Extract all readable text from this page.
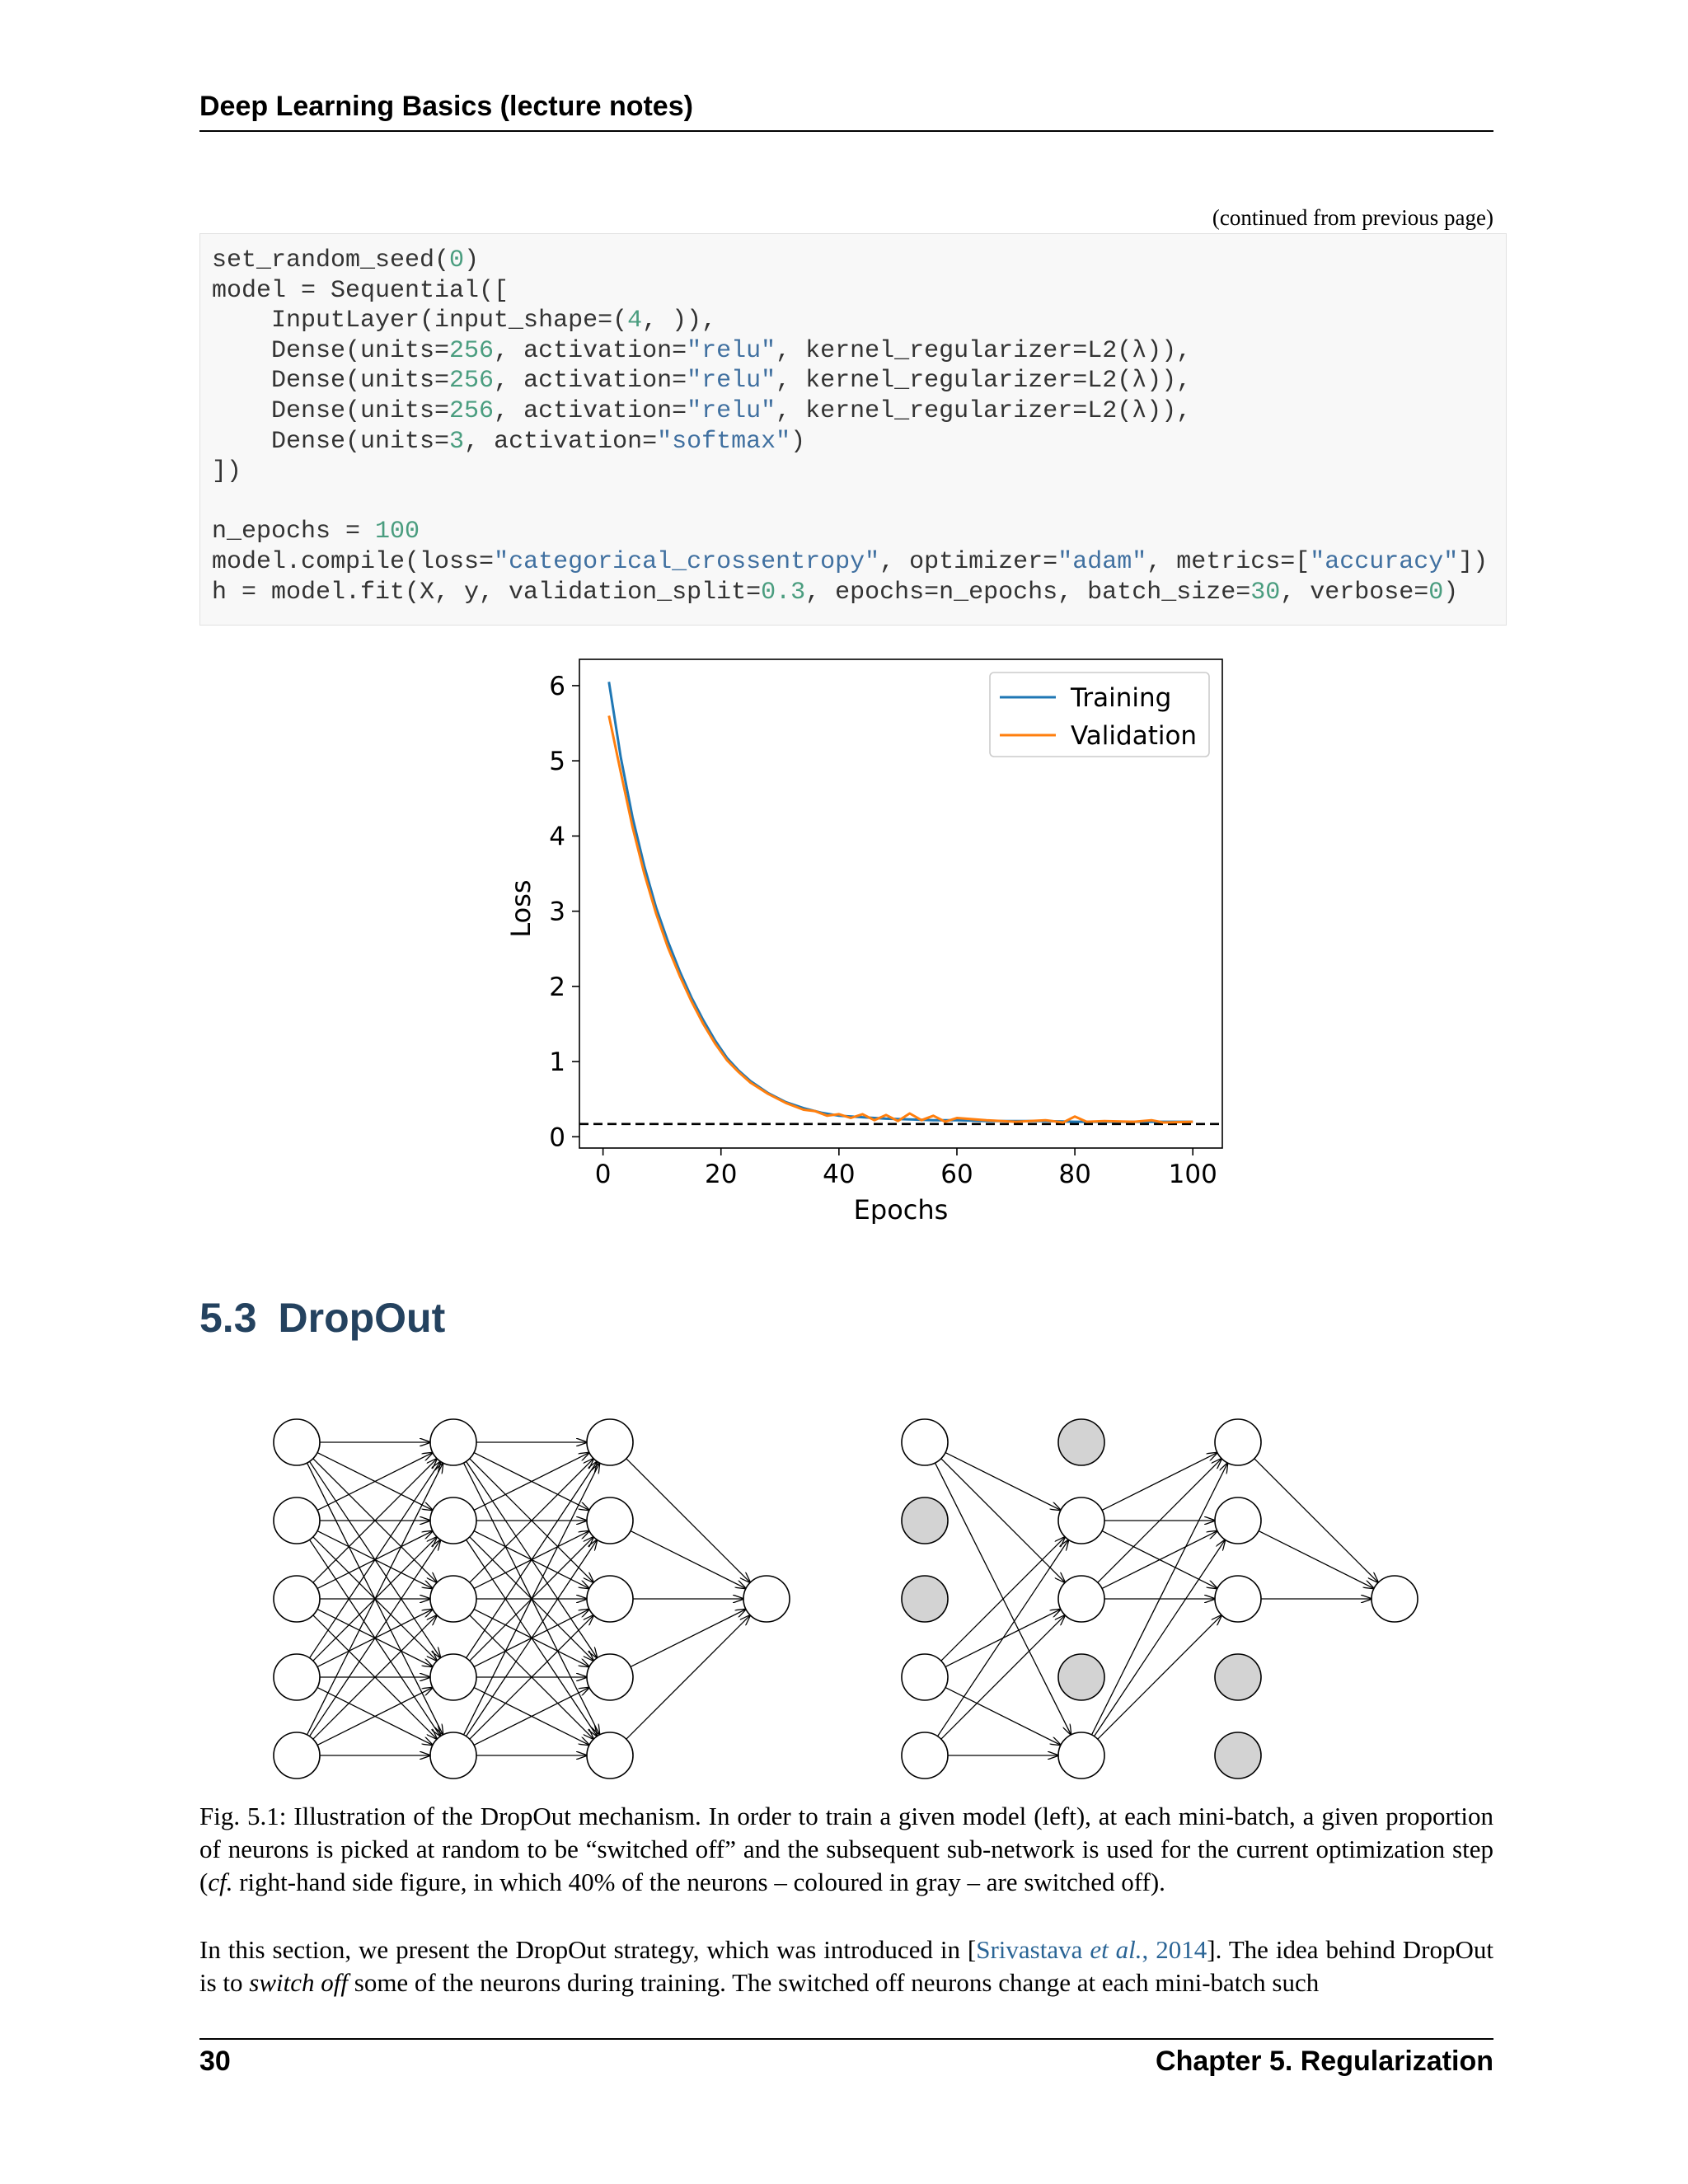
Deep Learning Basics (lecture notes)
(continued from previous page)
set_random_seed(0)
model = Sequential([
InputLayer(input_shape=(4, )),
Dense(units=256, activation="relu", kernel_regularizer=L2(λ)),
Dense(units=256, activation="relu", kernel_regularizer=L2(λ)),
Dense(units=256, activation="relu", kernel_regularizer=L2(λ)),
Dense(units=3, activation="softmax")
])
n_epochs = 100
model.compile(loss="categorical_crossentropy", optimizer="adam", metrics=["accuracy"])
h = model.fit(X, y, validation_split=0.3, epochs=n_epochs, batch_size=30, verbose=0)
0	20	40	60	80	100
0
1
2
3
4
5
6
Epochs
Loss
Training
Validation
5.3 DropOut
Fig. 5.1: Illustration of the DropOut mechanism. In order to train a given model (left), at each mini-batch, a given proportion of neurons is picked at random to be “switched off” and the subsequent sub-network is used for the current optimization step (cf. right-hand side figure, in which 40% of the neurons – coloured in gray – are switched off).
In this section, we present the DropOut strategy, which was introduced in [Srivastava et al., 2014]. The idea behind DropOut is to switch off some of the neurons during training. The switched off neurons change at each mini-batch such
30	Chapter 5. Regularization
